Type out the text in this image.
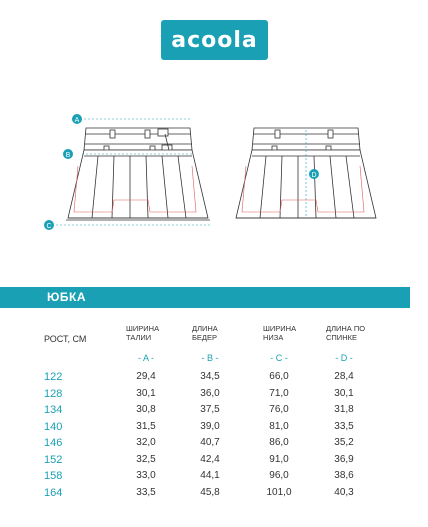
acoola
A
B
C
D
ЮБКА
РОСТ, СМ
ШИРИНА
ТАЛИИ
ДЛИНА
БЕДЕР
ШИРИНА
НИЗА
ДЛИНА ПО
СПИНКЕ
- A -	- B -	- C -	- D -
122	29,4	34,5	66,0	28,4
128	30,1	36,0	71,0	30,1
134	30,8	37,5	76,0	31,8
140	31,5	39,0	81,0	33,5
146	32,0	40,7	86,0	35,2
152	32,5	42,4	91,0	36,9
158	33,0	44,1	96,0	38,6
164	33,5	45,8	101,0	40,3
